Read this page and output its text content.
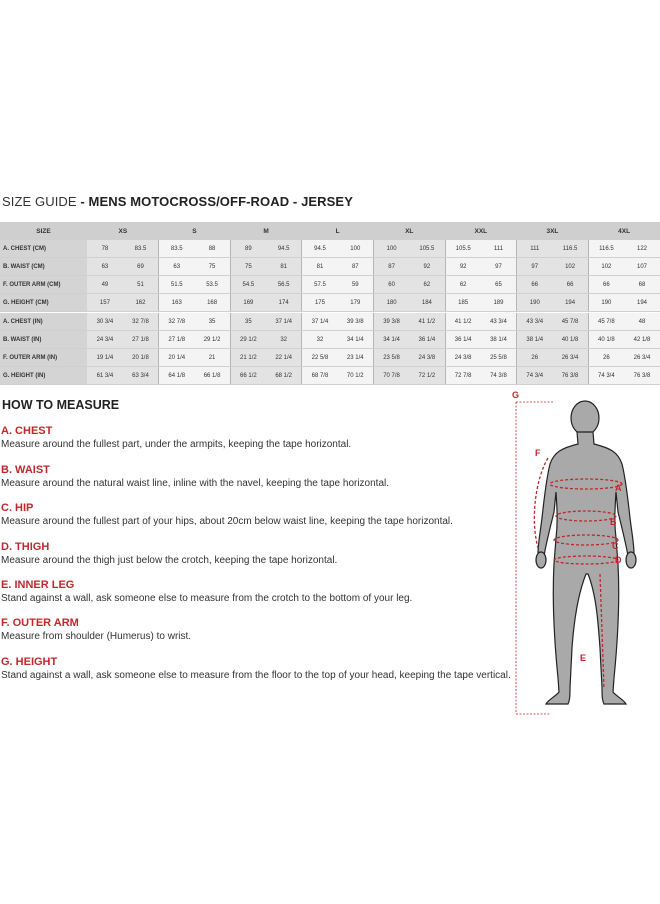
SIZE GUIDE - MENS MOTOCROSS/OFF-ROAD - JERSEY
SIZE	XS		S		M		L		XL		XXL		3XL		4XL	
A. CHEST (CM)	78	83.5	83.5	88	89	94.5	94.5	100	100	105.5	105.5	111	111	116.5	116.5	122
B. WAIST (CM)	63	69	63	75	75	81	81	87	87	92	92	97	97	102	102	107
F. OUTER ARM (CM)	49	51	51.5	53.5	54.5	56.5	57.5	59	60	62	62	65	66	66	66	68
G. HEIGHT (CM)	157	162	163	168	169	174	175	179	180	184	185	189	190	194	190	194
A. CHEST (IN)	30 3/4	32 7/8	32 7/8	35	35	37 1/4	37 1/4	39 3/8	39 3/8	41 1/2	41 1/2	43 3/4	43 3/4	45 7/8	45 7/8	48
B. WAIST (IN)	24 3/4	27 1/8	27 1/8	29 1/2	29 1/2	32	32	34 1/4	34 1/4	36 1/4	36 1/4	38 1/4	38 1/4	40 1/8	40 1/8	42 1/8
F. OUTER ARM (IN)	19 1/4	20 1/8	20 1/4	21	21 1/2	22 1/4	22 5/8	23 1/4	23 5/8	24 3/8	24 3/8	25 5/8	26	26 3/4	26	26 3/4
G. HEIGHT (IN)	61 3/4	63 3/4	64 1/8	66 1/8	66 1/2	68 1/2	68 7/8	70 1/2	70 7/8	72 1/2	72 7/8	74 3/8	74 3/4	76 3/8	74 3/4	76 3/8
HOW TO MEASURE
A. CHEST
Measure around the fullest part, under the armpits, keeping the tape horizontal.
B. WAIST
Measure around the natural waist line, inline with the navel, keeping the tape horizontal.
C. HIP
Measure around the fullest part of your hips, about 20cm below waist line, keeping the tape horizontal.
D. THIGH
Measure around the thigh just below the crotch, keeping the tape horizontal.
E. INNER LEG
Stand against a wall, ask someone else to measure from the crotch to the bottom of your leg.
F. OUTER ARM
Measure from shoulder (Humerus) to wrist.
G. HEIGHT
Stand against a wall, ask someone else to measure from the floor to the top of your head, keeping the tape vertical.
G
F
A
B
C
D
E
